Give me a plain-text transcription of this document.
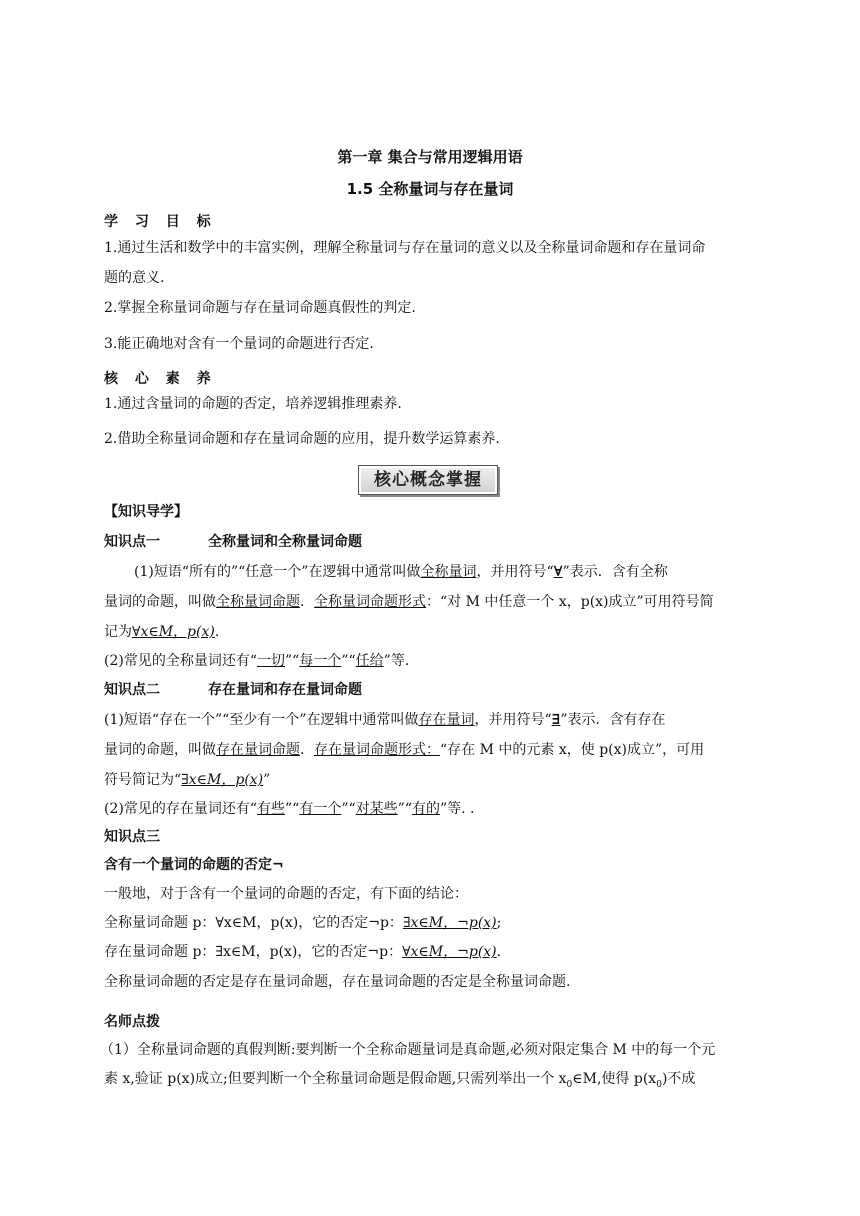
第一章 集合与常用逻辑用语
1.5 全称量词与存在量词
学 习 目 标
1.通过生活和数学中的丰富实例，理解全称量词与存在量词的意义以及全称量词命题和存在量词命
题的意义.
2.掌握全称量词命题与存在量词命题真假性的判定.
3.能正确地对含有一个量词的命题进行否定.
核 心 素 养
1.通过含量词的命题的否定，培养逻辑推理素养.
2.借助全称量词命题和存在量词命题的应用，提升数学运算素养.
核心概念掌握
【知识导学】
知识点一	全称量词和全称量词命题
(1)短语“所有的”“任意一个”在逻辑中通常叫做全称量词，并用符号“∀”表示．含有全称
量词的命题，叫做全称量词命题．全称量词命题形式：“对 M 中任意一个 x，p(x)成立”可用符号简
记为∀x∈M，p(x).
(2)常见的全称量词还有“一切”“每一个”“任给”等．
知识点二	存在量词和存在量词命题
(1)短语“存在一个”“至少有一个”在逻辑中通常叫做存在量词，并用符号“∃”表示．含有存在
量词的命题，叫做存在量词命题．存在量词命题形式：“存在 M 中的元素 x，使 p(x)成立”，可用
符号简记为“∃x∈M，p(x)”
(2)常见的存在量词还有“有些”“有一个”“对某些”“有的”等. .
知识点三
含有一个量词的命题的否定¬
一般地，对于含有一个量词的命题的否定，有下面的结论：
全称量词命题 p：∀x∈M，p(x)，它的否定¬p：∃x∈M，¬p(x);
存在量词命题 p：∃x∈M，p(x)，它的否定¬p：∀x∈M，¬p(x).
全称量词命题的否定是存在量词命题，存在量词命题的否定是全称量词命题.
名师点拨
（1）全称量词命题的真假判断:要判断一个全称命题量词是真命题,必须对限定集合 M 中的每一个元
素 x,验证 p(x)成立;但要判断一个全称量词命题是假命题,只需列举出一个 $x_0\in M$,使得 $p(x_0)$不成
